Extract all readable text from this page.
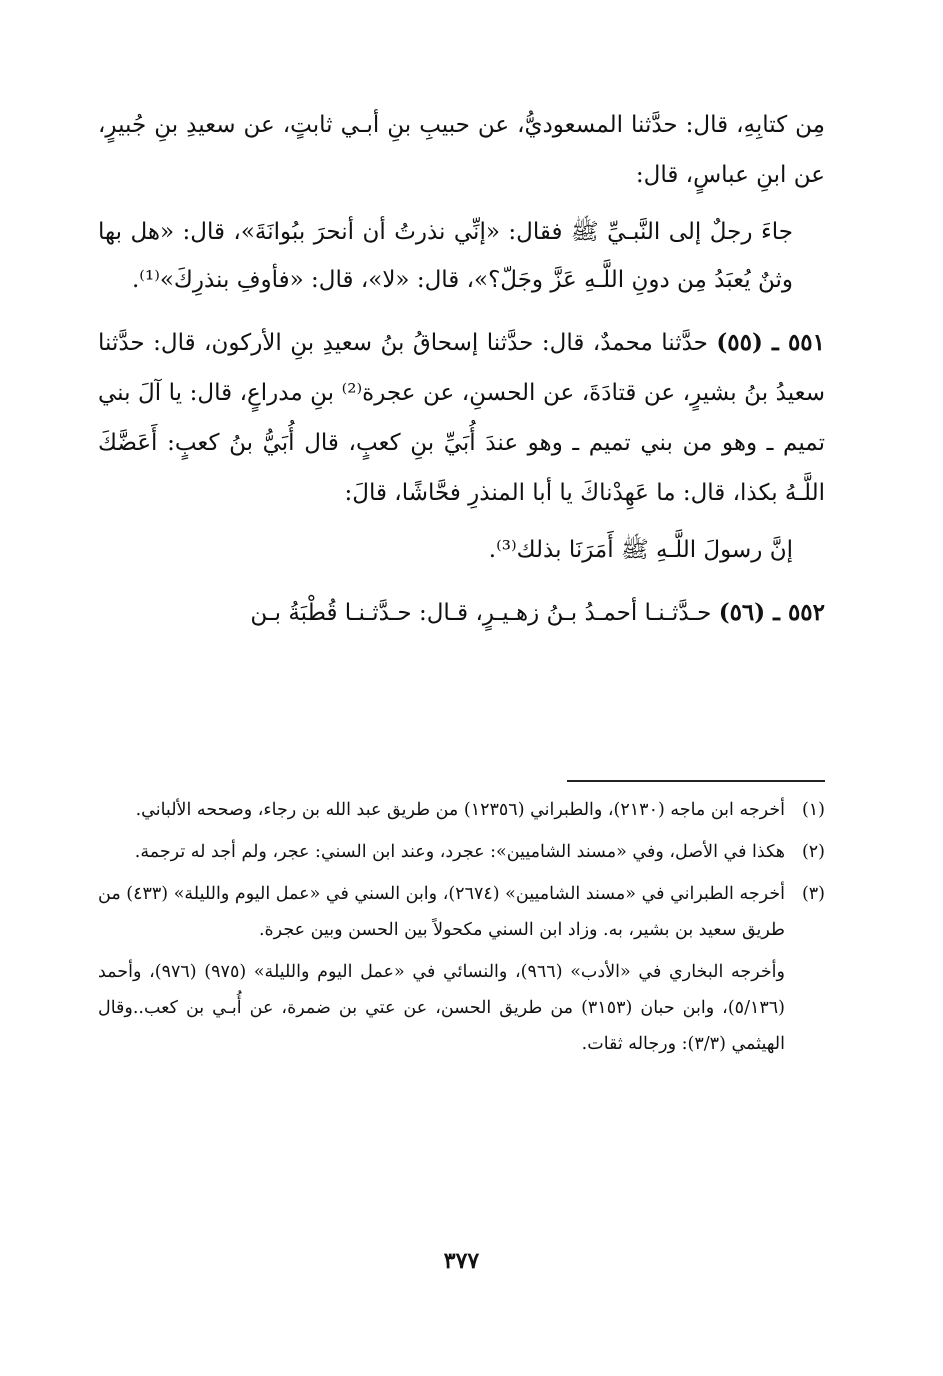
مِن كتابِهِ، قال: حدَّثنا المسعوديُّ، عن حبيبِ بنِ أبـي ثابتٍ، عن سعيدِ بنِ جُبيرٍ، عن ابنِ عباسٍ، قال:

جاءَ رجلٌ إلى النَّبـيِّ ﷺ فقال: «إنِّي نذرتُ أن أنحرَ ببُوانَةَ»، قال: «هل بها وثنٌ يُعبَدُ مِن دونِ اللَّـهِ عَزَّ وجَلّ؟»، قال: «لا»، قال: «فأوفِ بنذرِكَ»⁽¹⁾.

٥٥١ ـ (٥٥) حدَّثنا محمدٌ، قال: حدَّثنا إسحاقُ بنُ سعيدِ بنِ الأركون، قال: حدَّثنا سعيدُ بنُ بشيرٍ، عن قتادَةَ، عن الحسنِ، عن عجرة⁽²⁾ بنِ مدراعٍ، قال: يا آلَ بني تميم ـ وهو من بني تميم ـ وهو عندَ أُبَيِّ بنِ كعبٍ، قال أُبَيُّ بنُ كعبٍ: أَعَضَّكَ اللَّـهُ بكذا، قال: ما عَهِدْناكَ يا أبا المنذرِ فحَّاشًا، قالَ:

إنَّ رسولَ اللَّـهِ ﷺ أَمَرَنَا بذلك⁽³⁾.

٥٥٢ ـ (٥٦) حـدَّثـنـا أحمـدُ بـنُ زهـيـرٍ، قـال: حـدَّثـنـا قُطْبَةُ بـن

(١)
أخرجه ابن ماجه (٢١٣٠)، والطبراني (١٢٣٥٦) من طريق عبد الله بن رجاء، وصححه الألباني.
(٢)
هكذا في الأصل، وفي «مسند الشاميين»: عجرد، وعند ابن السني: عجر، ولم أجد له ترجمة.
(٣)
أخرجه الطبراني في «مسند الشاميين» (٢٦٧٤)، وابن السني في «عمل اليوم والليلة» (٤٣٣) من طريق سعيد بن بشير، به. وزاد ابن السني مكحولاً بين الحسن وبين عجرة.
وأخرجه البخاري في «الأدب» (٩٦٦)، والنسائي في «عمل اليوم والليلة» (٩٧٥) (٩٧٦)، وأحمد (٥/١٣٦)، وابن حبان (٣١٥٣) من طريق الحسن، عن عتي بن ضمرة، عن أُبـي بن كعب..وقال الهيثمي (٣/٣): ورجاله ثقات.
٣٧٧
